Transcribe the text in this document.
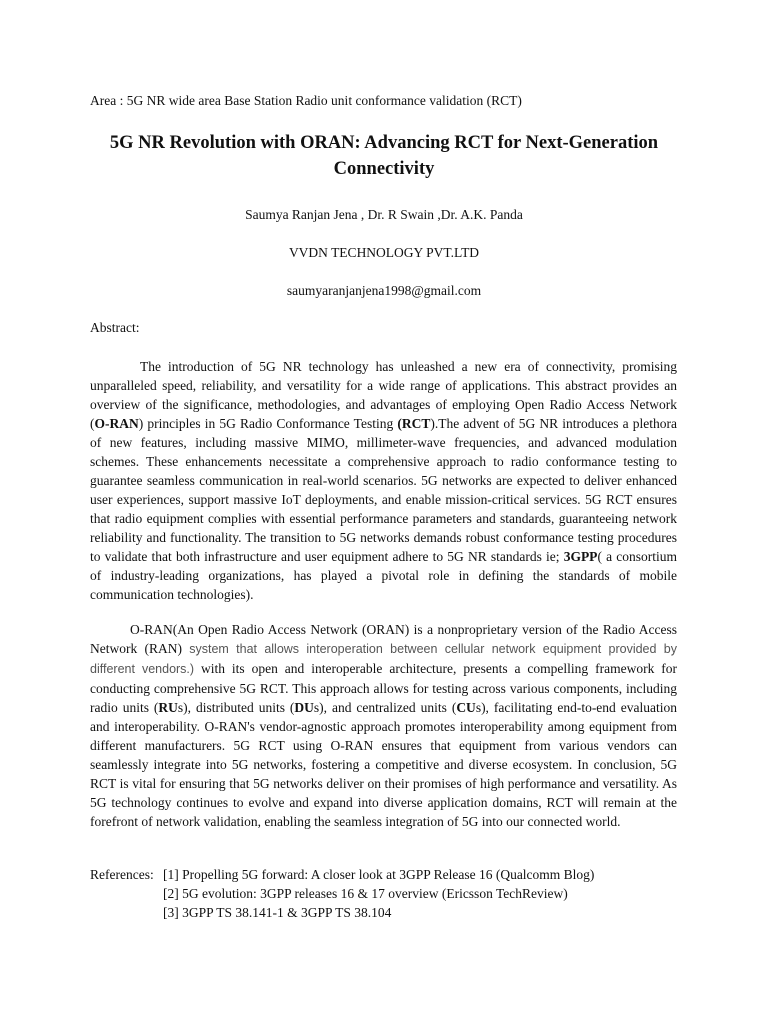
Area : 5G NR wide area Base Station Radio unit conformance validation (RCT)
5G NR Revolution with ORAN: Advancing RCT for Next-Generation Connectivity
Saumya Ranjan Jena , Dr. R Swain ,Dr. A.K. Panda
VVDN TECHNOLOGY PVT.LTD
saumyaranjanjena1998@gmail.com
Abstract:

The introduction of 5G NR technology has unleashed a new era of connectivity, promising unparalleled speed, reliability, and versatility for a wide range of applications. This abstract provides an overview of the significance, methodologies, and advantages of employing Open Radio Access Network (O-RAN) principles in 5G Radio Conformance Testing (RCT).The advent of 5G NR introduces a plethora of new features, including massive MIMO, millimeter-wave frequencies, and advanced modulation schemes. These enhancements necessitate a comprehensive approach to radio conformance testing to guarantee seamless communication in real-world scenarios. 5G networks are expected to deliver enhanced user experiences, support massive IoT deployments, and enable mission-critical services. 5G RCT ensures that radio equipment complies with essential performance parameters and standards, guaranteeing network reliability and functionality. The transition to 5G networks demands robust conformance testing procedures to validate that both infrastructure and user equipment adhere to 5G NR standards ie; 3GPP( a consortium of industry-leading organizations, has played a pivotal role in defining the standards of mobile communication technologies).

O-RAN(An Open Radio Access Network (ORAN) is a nonproprietary version of the Radio Access Network (RAN) system that allows interoperation between cellular network equipment provided by different vendors.) with its open and interoperable architecture, presents a compelling framework for conducting comprehensive 5G RCT. This approach allows for testing across various components, including radio units (RUs), distributed units (DUs), and centralized units (CUs), facilitating end-to-end evaluation and interoperability. O-RAN's vendor-agnostic approach promotes interoperability among equipment from different manufacturers. 5G RCT using O-RAN ensures that equipment from various vendors can seamlessly integrate into 5G networks, fostering a competitive and diverse ecosystem. In conclusion, 5G RCT is vital for ensuring that 5G networks deliver on their promises of high performance and versatility. As 5G technology continues to evolve and expand into diverse application domains, RCT will remain at the forefront of network validation, enabling the seamless integration of 5G into our connected world.

References: [1] Propelling 5G forward: A closer look at 3GPP Release 16 (Qualcomm Blog)
[2] 5G evolution: 3GPP releases 16 & 17 overview (Ericsson TechReview)
[3] 3GPP TS 38.141-1 & 3GPP TS 38.104
